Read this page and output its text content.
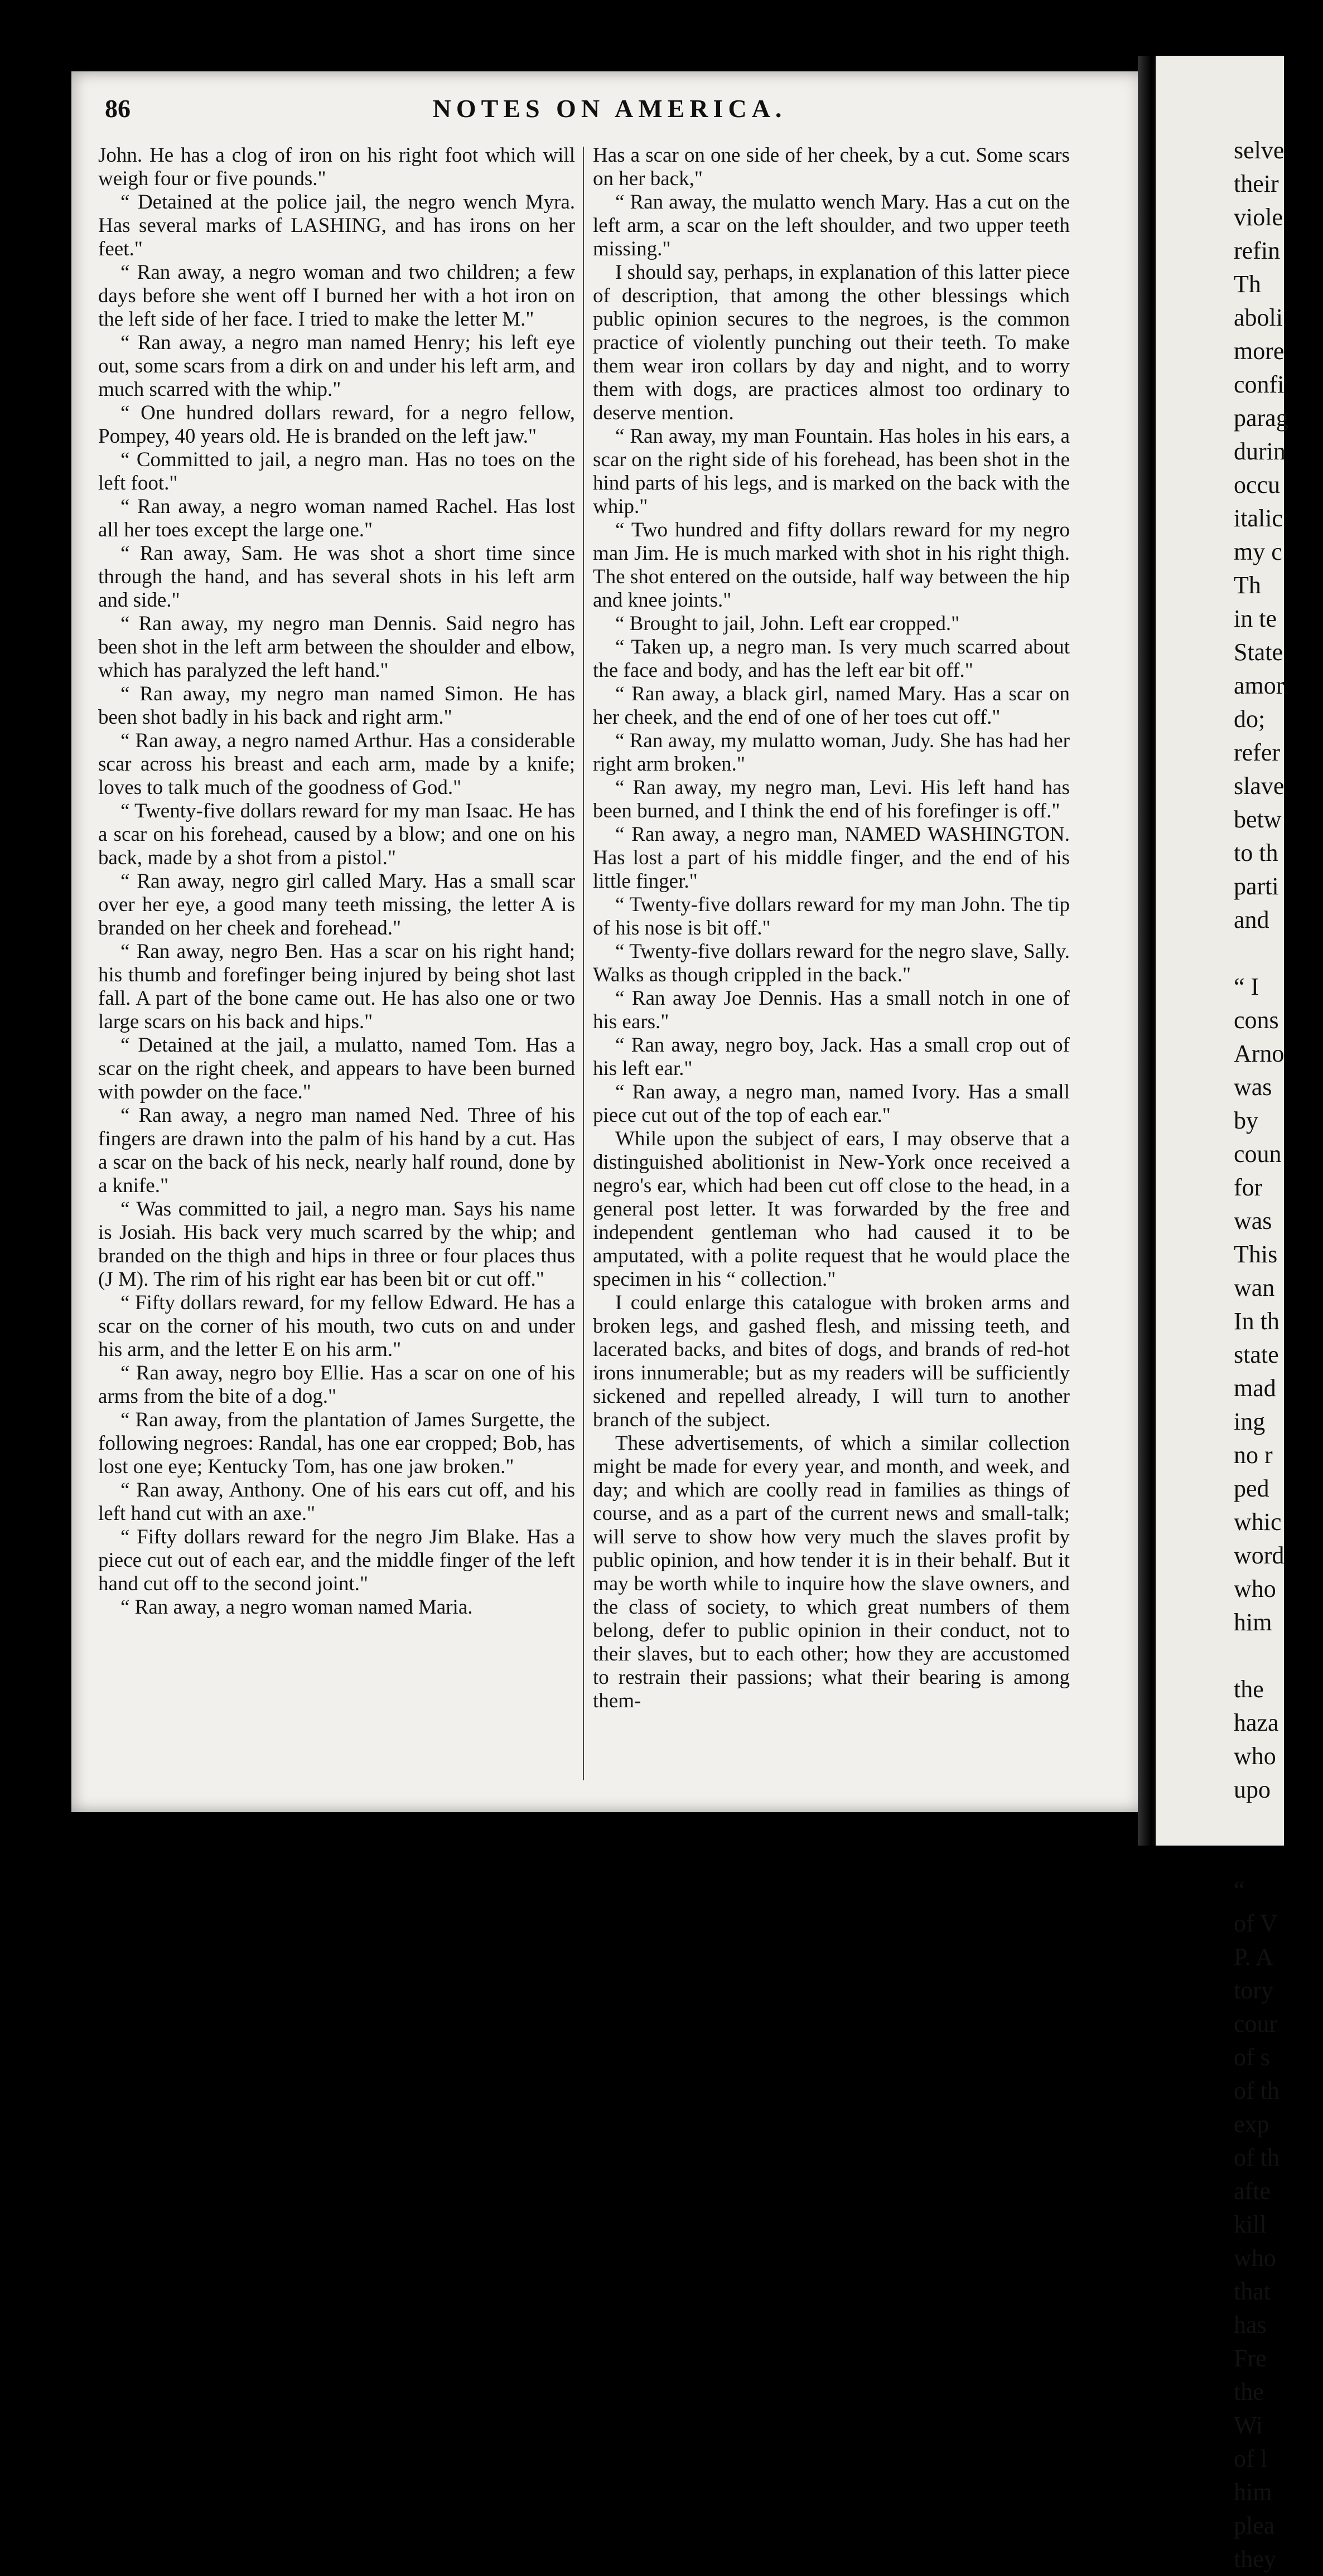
86	NOTES ON AMERICA.

John. He has a clog of iron on his right foot which will weigh four or five pounds."

“ Detained at the police jail, the negro wench Myra. Has several marks of LASHING, and has irons on her feet."

“ Ran away, a negro woman and two children; a few days before she went off I burned her with a hot iron on the left side of her face. I tried to make the letter M."

“ Ran away, a negro man named Henry; his left eye out, some scars from a dirk on and under his left arm, and much scarred with the whip."

“ One hundred dollars reward, for a negro fellow, Pompey, 40 years old. He is branded on the left jaw."

“ Committed to jail, a negro man. Has no toes on the left foot."

“ Ran away, a negro woman named Rachel. Has lost all her toes except the large one."

“ Ran away, Sam. He was shot a short time since through the hand, and has several shots in his left arm and side."

“ Ran away, my negro man Dennis. Said negro has been shot in the left arm between the shoulder and elbow, which has paralyzed the left hand."

“ Ran away, my negro man named Simon. He has been shot badly in his back and right arm."

“ Ran away, a negro named Arthur. Has a considerable scar across his breast and each arm, made by a knife; loves to talk much of the goodness of God."

“ Twenty-five dollars reward for my man Isaac. He has a scar on his forehead, caused by a blow; and one on his back, made by a shot from a pistol."

“ Ran away, negro girl called Mary. Has a small scar over her eye, a good many teeth missing, the letter A is branded on her cheek and forehead."

“ Ran away, negro Ben. Has a scar on his right hand; his thumb and forefinger being injured by being shot last fall. A part of the bone came out. He has also one or two large scars on his back and hips."

“ Detained at the jail, a mulatto, named Tom. Has a scar on the right cheek, and appears to have been burned with powder on the face."

“ Ran away, a negro man named Ned. Three of his fingers are drawn into the palm of his hand by a cut. Has a scar on the back of his neck, nearly half round, done by a knife."

“ Was committed to jail, a negro man. Says his name is Josiah. His back very much scarred by the whip; and branded on the thigh and hips in three or four places thus (J M). The rim of his right ear has been bit or cut off."

“ Fifty dollars reward, for my fellow Edward. He has a scar on the corner of his mouth, two cuts on and under his arm, and the letter E on his arm."

“ Ran away, negro boy Ellie. Has a scar on one of his arms from the bite of a dog."

“ Ran away, from the plantation of James Surgette, the following negroes: Randal, has one ear cropped; Bob, has lost one eye; Kentucky Tom, has one jaw broken."

“ Ran away, Anthony. One of his ears cut off, and his left hand cut with an axe."

“ Fifty dollars reward for the negro Jim Blake. Has a piece cut out of each ear, and the middle finger of the left hand cut off to the second joint."

“ Ran away, a negro woman named Maria.

Has a scar on one side of her cheek, by a cut. Some scars on her back,"

“ Ran away, the mulatto wench Mary. Has a cut on the left arm, a scar on the left shoulder, and two upper teeth missing."

I should say, perhaps, in explanation of this latter piece of description, that among the other blessings which public opinion secures to the negroes, is the common practice of violently punching out their teeth. To make them wear iron collars by day and night, and to worry them with dogs, are practices almost too ordinary to deserve mention.

“ Ran away, my man Fountain. Has holes in his ears, a scar on the right side of his forehead, has been shot in the hind parts of his legs, and is marked on the back with the whip."

“ Two hundred and fifty dollars reward for my negro man Jim. He is much marked with shot in his right thigh. The shot entered on the outside, half way between the hip and knee joints."

“ Brought to jail, John. Left ear cropped."

“ Taken up, a negro man. Is very much scarred about the face and body, and has the left ear bit off."

“ Ran away, a black girl, named Mary. Has a scar on her cheek, and the end of one of her toes cut off."

“ Ran away, my mulatto woman, Judy. She has had her right arm broken."

“ Ran away, my negro man, Levi. His left hand has been burned, and I think the end of his forefinger is off."

“ Ran away, a negro man, NAMED WASHINGTON. Has lost a part of his middle finger, and the end of his little finger."

“ Twenty-five dollars reward for my man John. The tip of his nose is bit off."

“ Twenty-five dollars reward for the negro slave, Sally. Walks as though crippled in the back."

“ Ran away Joe Dennis. Has a small notch in one of his ears."

“ Ran away, negro boy, Jack. Has a small crop out of his left ear."

“ Ran away, a negro man, named Ivory. Has a small piece cut out of the top of each ear."

While upon the subject of ears, I may observe that a distinguished abolitionist in New-York once received a negro's ear, which had been cut off close to the head, in a general post letter. It was forwarded by the free and independent gentleman who had caused it to be amputated, with a polite request that he would place the specimen in his “ collection."

I could enlarge this catalogue with broken arms and broken legs, and gashed flesh, and missing teeth, and lacerated backs, and bites of dogs, and brands of red-hot irons innumerable; but as my readers will be sufficiently sickened and repelled already, I will turn to another branch of the subject.

These advertisements, of which a similar collection might be made for every year, and month, and week, and day; and which are coolly read in families as things of course, and as a part of the current news and small-talk; will serve to show how very much the slaves profit by public opinion, and how tender it is in their behalf. But it may be worth while to inquire how the slave owners, and the class of society, to which great numbers of them belong, defer to public opinion in their conduct, not to their slaves, but to each other; how they are accustomed to restrain their passions; what their bearing is among them-

selve
their
viole
refin
Th
aboli
more
confi
parag
durin
occu
italic
my c
Th
in te
State
amor
do;
refer
slave
betw
to th
parti
and
“ I
cons
Arno
was
by
coun
for
was
This
wan
In th
state
mad
ing
no r
ped
whic
word
who
him
the
haza
who
upo
“
of V
P. A
tory
cour
of s
of th
exp
of th
afte
kill
who
that
has
Fre
the
Wi
of l
him
plea
they
